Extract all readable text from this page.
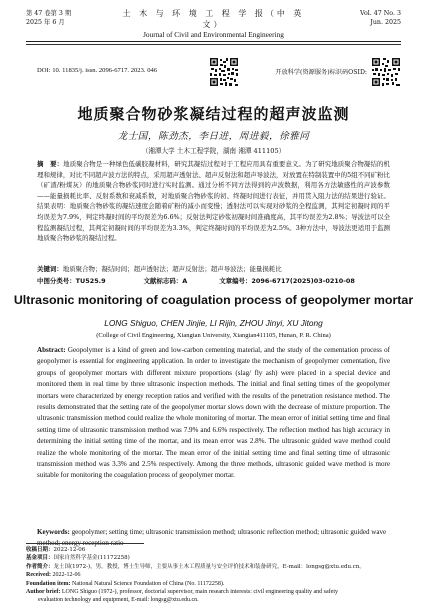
第 47 卷第 3 期
2025 年 6 月
土 木 与 环 境 工 程 学 报（中 英 文）
Journal of Civil and Environmental Engineering
Vol. 47 No. 3
Jun. 2025
DOI: 10. 11835/j. issn. 2096-6717. 2023. 046	开放科学(资源服务)标识码OSID:
地质聚合物砂浆凝结过程的超声波监测
龙士国，陈劲杰，李日进，周进毅，徐雅同
（湘潭大学 土木工程学院，湖南 湘潭 411105）
摘　要：地质聚合物是一种绿色低碳胶凝材料，研究其凝结过程对于工程应用具有重要意义。为了研究地质聚合物凝结的机理和规律，对比不同超声波方法的特点，采用超声透射法、超声反射法和超声导波法，对放置在特制装置中的5组不同矿粉比（矿渣/粉煤灰）的地质聚合物砂浆同时进行实时监测。通过分析不同方法得到的声波数据，利用各方法敏感性的声波参数——能量损耗比率、反射系数和衰减系数，对地质聚合物砂浆的初、终凝时间进行表征，并用贯入阻力法的结果进行验证。结果表明：地质聚合物砂浆的凝结速度会随着矿粉的减小而变慢；透射法可以实现对砂浆的全程监测，其判定初凝时间的平均误差为7.9%，判定终凝时间的平均误差为6.6%；反射法判定砂浆初凝时间准确度高，其平均误差为2.8%；导波法可以全程监测凝结过程，其判定初凝时间的平均误差为3.3%，判定终凝时间的平均误差为2.5%。3种方法中，导波法更适用于监测地质聚合物砂浆的凝结过程。
关键词：地质聚合物；凝结时间；超声透射法；超声反射法；超声导波法；能量损耗比
中图分类号：TU525.9	文献标志码：A	文章编号：2096-6717(2025)03-0210-08
Ultrasonic monitoring of coagulation process of geopolymer mortar
LONG Shiguo, CHEN Jinjie, LI Rijin, ZHOU Jinyi, XU Jitong
(College of Civil Engineering, Xiangtan University, Xiangtan411105, Hunan, P. R. China)
Abstract: Geopolymer is a kind of green and low-carbon cementing material, and the study of the cementation process of geopolymer is essential for engineering application. In order to investigate the mechanism of geopolymer cementation, five groups of geopolymer mortars with different mixture proportions (slag/ fly ash) were placed in a special device and monitored them in real time by three ultrasonic inspection methods. The initial and final setting times of the geopolymer mortars were characterized by energy reception ratios and verified with the results of the penetration resistance method. The results demonstrated that the setting rate of the geopolymer mortar slows down with the decrease of mixture proportion. The ultrasonic transmission method could realize the whole monitoring of mortar. The mean error of initial setting time and final setting time of ultrasonic transmission method was 7.9% and 6.6% respectively. The reflection method has high accuracy in determining the initial setting time of the mortar, and its mean error was 2.8%. The ultrasonic guided wave method could realize the whole monitoring of the mortar. The mean error of the initial setting time and final setting time of ultrasonic transmission method was 3.3% and 2.5% respectively. Among the three methods, ultrasonic guided wave method is more suitable for monitoring the coagulation process of geopolymer mortar.
Keywords: geopolymer; setting time; ultrasonic transmission method; ultrasonic reflection method; ultrasonic guided wave method; energy reception ratio
收稿日期：2022-12-06
基金项目：国家自然科学基金(11172258)
作者简介：龙士国(1972-)，男，教授，博士生导师，主要从事土木工程质量与安全评价技术和装备研究，E-mail：longsg@xtu.edu.cn。
Received: 2022-12-06
Foundation item: National Natural Science Foundation of China (No. 11172258).
Author brief: LONG Shiguo (1972-), professor, doctorial supervisor, main research interests: civil engineering quality and safety
evaluation technology and equipment, E-mail: longsg@xtu.edu.cn.
